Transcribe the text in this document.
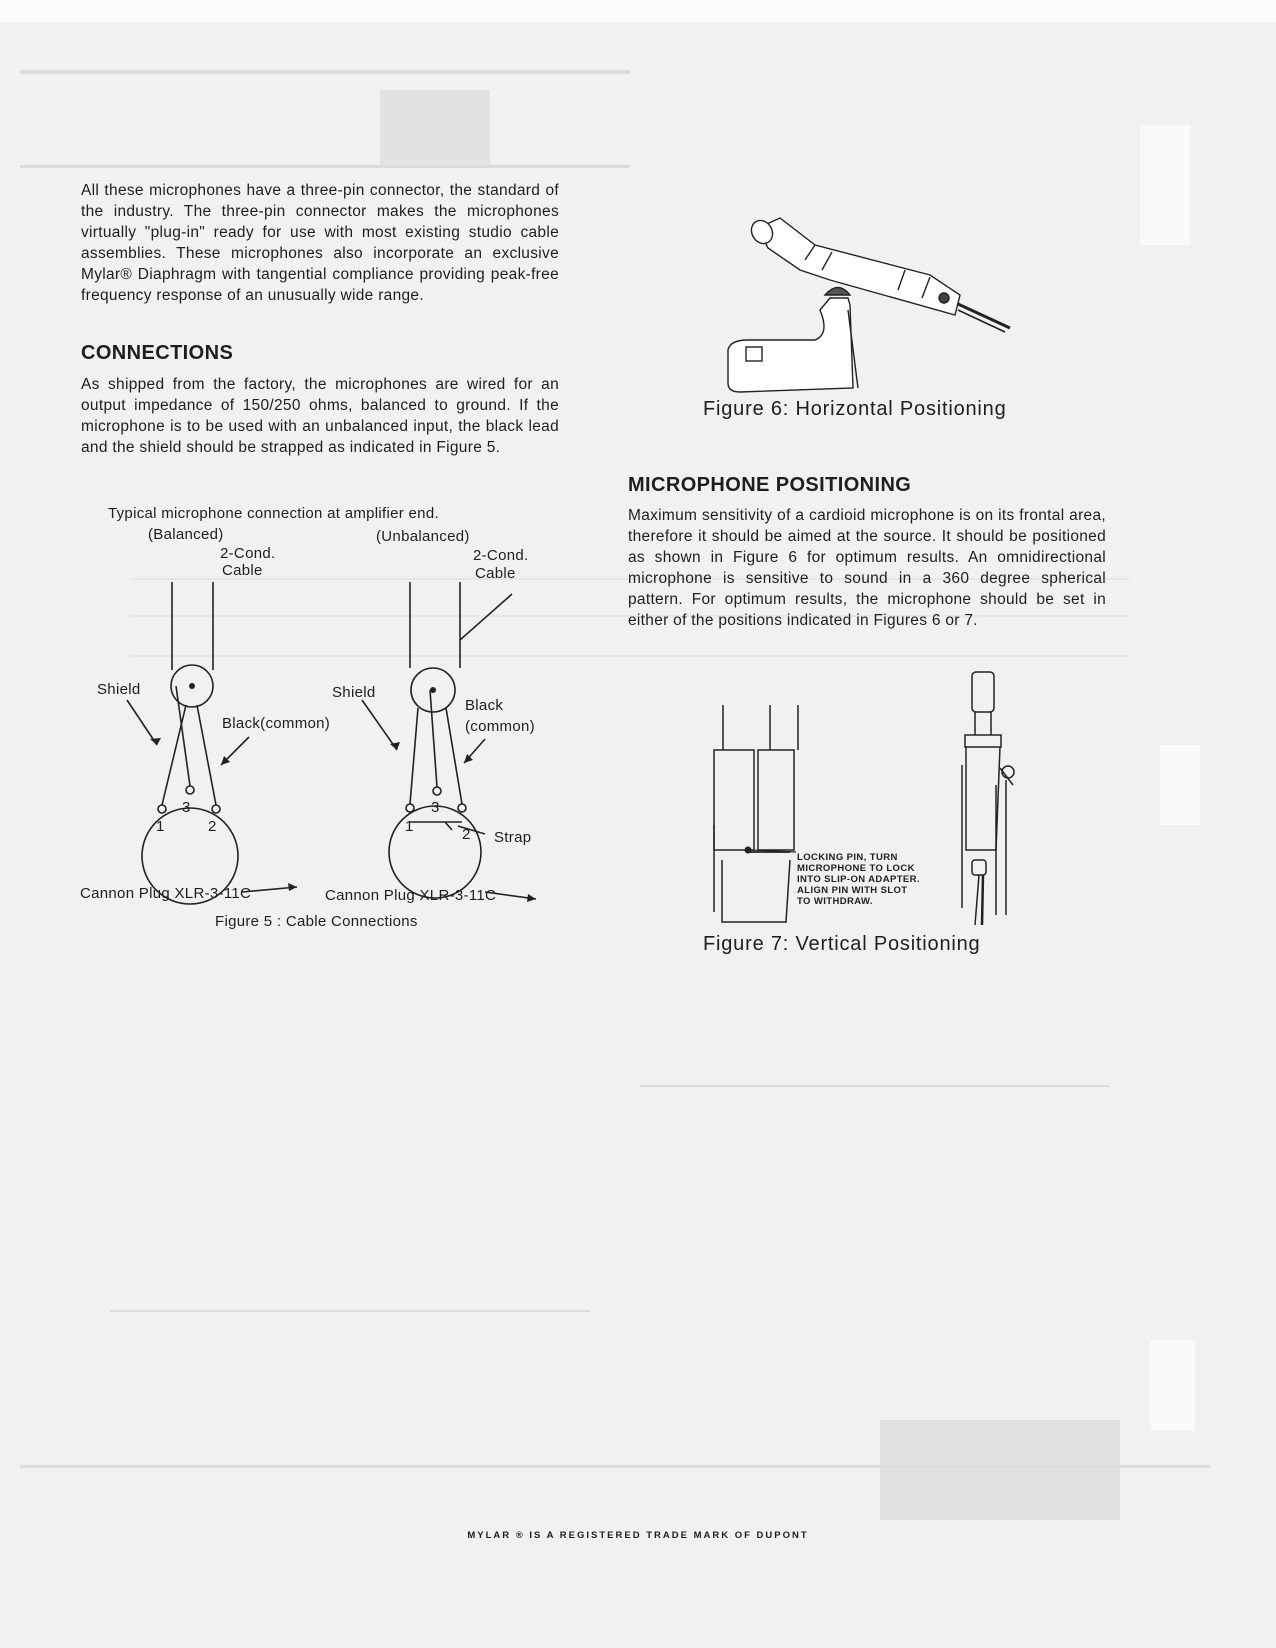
All these microphones have a three-pin connector, the standard of the industry. The three-pin connector makes the microphones virtually "plug-in" ready for use with most existing studio cable assemblies. These microphones also incorporate an exclusive Mylar® Diaphragm with tangential compliance providing peak-free frequency response of an unusually wide range.
CONNECTIONS
As shipped from the factory, the microphones are wired for an output impedance of 150/250 ohms, balanced to ground. If the microphone is to be used with an unbalanced input, the black lead and the shield should be strapped as indicated in Figure 5.
Typical microphone connection at amplifier end.
(Balanced)	(Unbalanced)
2-Cond.
Cable
2-Cond.
Cable
Shield
Black(common)
Shield
Black
(common)
Strap
3
1	2
3
1	2
Cannon Plug XLR-3-11C	Cannon Plug XLR-3-11C
Figure 5 : Cable Connections
Figure 6: Horizontal Positioning
MICROPHONE POSITIONING
Maximum sensitivity of a cardioid microphone is on its frontal area, therefore it should be aimed at the source. It should be positioned as shown in Figure 6 for optimum results. An omnidirectional microphone is sensitive to sound in a 360 degree spherical pattern. For optimum results, the microphone should be set in either of the positions indicated in Figures 6 or 7.
LOCKING PIN, TURN
MICROPHONE TO LOCK
INTO SLIP-ON ADAPTER.
ALIGN PIN WITH SLOT
TO WITHDRAW.
Figure 7: Vertical Positioning
MYLAR ® IS A REGISTERED TRADE MARK OF DUPONT
